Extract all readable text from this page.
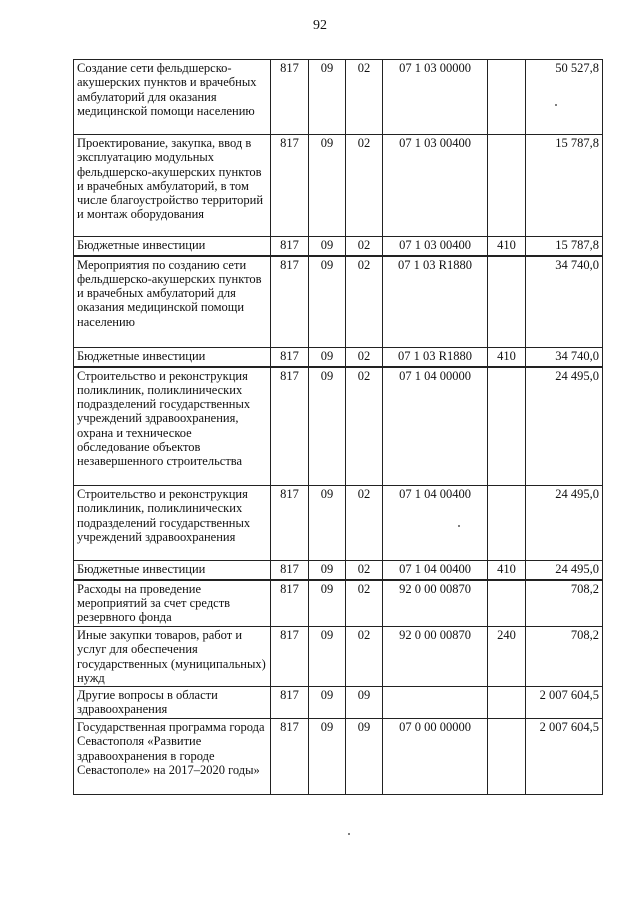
92
Создание сети фельдшерско-акушерских пунктов и врачебных амбулаторий для оказания медицинской помощи населению	817	09	02	07 1 03 00000		50 527,8
Проектирование, закупка, ввод в эксплуатацию модульных фельдшерско-акушерских пунктов и врачебных амбулаторий, в том числе благоустройство территорий и монтаж оборудования	817	09	02	07 1 03 00400		15 787,8
Бюджетные инвестиции	817	09	02	07 1 03 00400	410	15 787,8
Мероприятия по созданию сети фельдшерско-акушерских пунктов и врачебных амбулаторий для оказания медицинской помощи населению	817	09	02	07 1 03 R1880		34 740,0
Бюджетные инвестиции	817	09	02	07 1 03 R1880	410	34 740,0
Строительство и реконструкция поликлиник, поликлинических подразделений государственных учреждений здравоохранения, охрана и техническое обследование объектов незавершенного строительства	817	09	02	07 1 04 00000		24 495,0
Строительство и реконструкция поликлиник, поликлинических подразделений государственных учреждений здравоохранения	817	09	02	07 1 04 00400		24 495,0
Бюджетные инвестиции	817	09	02	07 1 04 00400	410	24 495,0
Расходы на проведение мероприятий за счет средств резервного фонда	817	09	02	92 0 00 00870		708,2
Иные закупки товаров, работ и услуг для обеспечения государственных (муниципальных) нужд	817	09	02	92 0 00 00870	240	708,2
Другие вопросы в области здравоохранения	817	09	09			2 007 604,5
Государственная программа города Севастополя «Развитие здравоохранения в городе Севастополе» на 2017–2020 годы»	817	09	09	07 0 00 00000		2 007 604,5
